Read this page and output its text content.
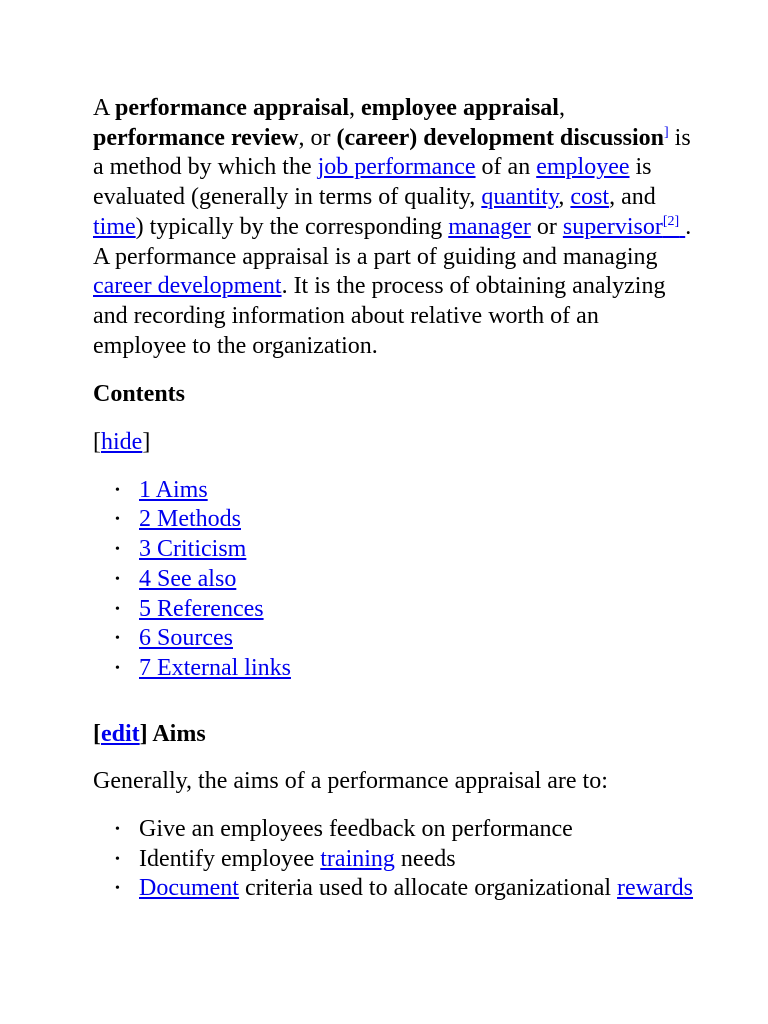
A performance appraisal, employee appraisal, performance review, or (career) development discussion] is a method by which the job performance of an employee is evaluated (generally in terms of quality, quantity, cost, and time) typically by the corresponding manager or supervisor[2] . A performance appraisal is a part of guiding and managing career development. It is the process of obtaining analyzing and recording information about relative worth of an employee to the organization.

Contents

[hide]

• 1 Aims
• 2 Methods
• 3 Criticism
• 4 See also
• 5 References
• 6 Sources
• 7 External links

[edit] Aims

Generally, the aims of a performance appraisal are to:

• Give an employees feedback on performance
• Identify employee training needs
• Document criteria used to allocate organizational rewards
